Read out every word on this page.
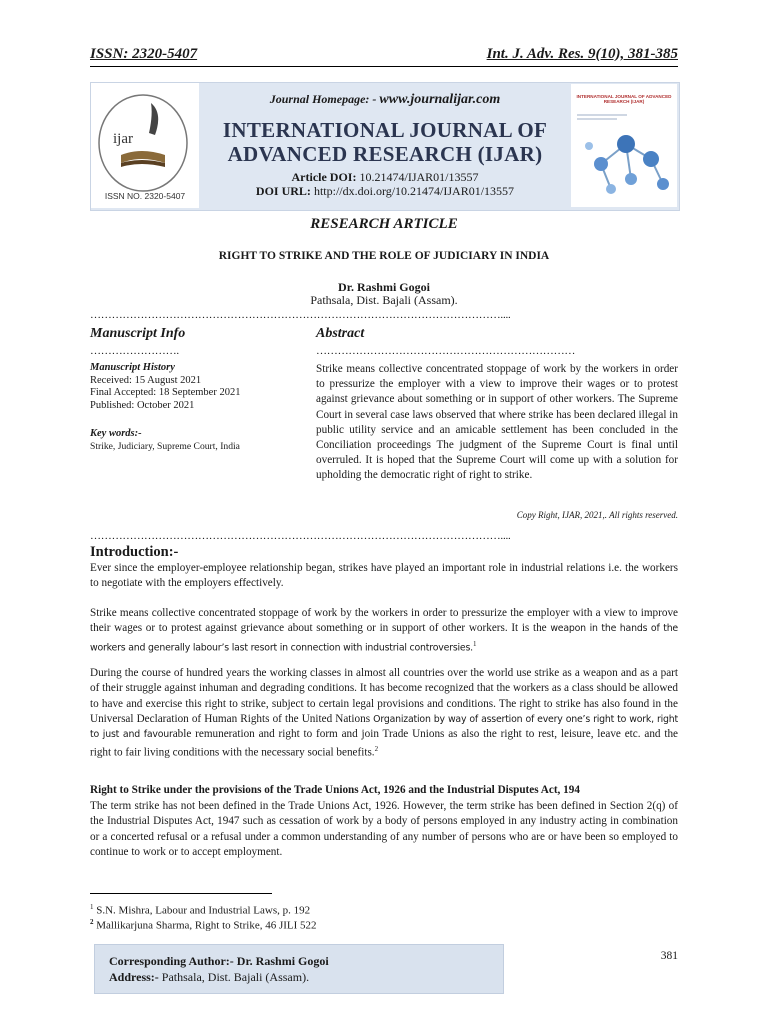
ISSN: 2320-5407	Int. J. Adv. Res. 9(10), 381-385
ijar
ISSN NO. 2320-5407
INTERNATIONAL JOURNAL OF ADVANCED RESEARCH (IJAR)
Journal Homepage: - www.journalijar.com
INTERNATIONAL JOURNAL OF
ADVANCED RESEARCH (IJAR)
Article DOI: 10.21474/IJAR01/13557
DOI URL: http://dx.doi.org/10.21474/IJAR01/13557
RESEARCH ARTICLE
RIGHT TO STRIKE AND THE ROLE OF JUDICIARY IN INDIA
Dr. Rashmi Gogoi
Pathsala, Dist. Bajali (Assam).
……………………………………………………………………………………………………....
Manuscript Info
…………………….
Manuscript History
Received: 15 August 2021
Final Accepted: 18 September 2021
Published: October 2021
Key words:-
Strike, Judiciary, Supreme Court, India
Abstract
………………………………………………………………
Strike means collective concentrated stoppage of work by the workers in order to pressurize the employer with a view to improve their wages or to protest against grievance about something or in support of other workers. The Supreme Court in several case laws observed that where strike has been declared illegal in public utility service and an amicable settlement has been concluded in the Conciliation proceedings The judgment of the Supreme Court is final until overruled. It is hoped that the Supreme Court will come up with a solution for upholding the democratic right of right to strike.
Copy Right, IJAR, 2021,. All rights reserved.
……………………………………………………………………………………………………....
Introduction:-
Ever since the employer-employee relationship began, strikes have played an important role in industrial relations i.e. the workers to negotiate with the employers effectively.
Strike means collective concentrated stoppage of work by the workers in order to pressurize the employer with a view to improve their wages or to protest against grievance about something or in support of other workers. It is the weapon in the hands of the workers and generally labour’s last resort in connection with industrial controversies.$^1$
During the course of hundred years the working classes in almost all countries over the world use strike as a weapon and as a part of their struggle against inhuman and degrading conditions. It has become recognized that the workers as a class should be allowed to have and exercise this right to strike, subject to certain legal provisions and conditions. The right to strike has also found in the Universal Declaration of Human Rights of the United Nations Organization by way of assertion of every one’s right to work, right to just and favourable remuneration and right to form and join Trade Unions as also the right to rest, leisure, leave etc. and the right to fair living conditions with the necessary social benefits.$^2$
Right to Strike under the provisions of the Trade Unions Act, 1926 and the Industrial Disputes Act, 194
The term strike has not been defined in the Trade Unions Act, 1926. However, the term strike has been defined in Section 2(q) of the Industrial Disputes Act, 1947 such as cessation of work by a body of persons employed in any industry acting in combination or a concerted refusal or a refusal under a common understanding of any number of persons who are or have been so employed to continue to work or to accept employment.
$^1$ S.N. Mishra, Labour and Industrial Laws, p. 192
$^2$ Mallikarjuna Sharma, Right to Strike, 46 JILI 522
Corresponding Author:- Dr. Rashmi Gogoi
Address:- Pathsala, Dist. Bajali (Assam).
381
